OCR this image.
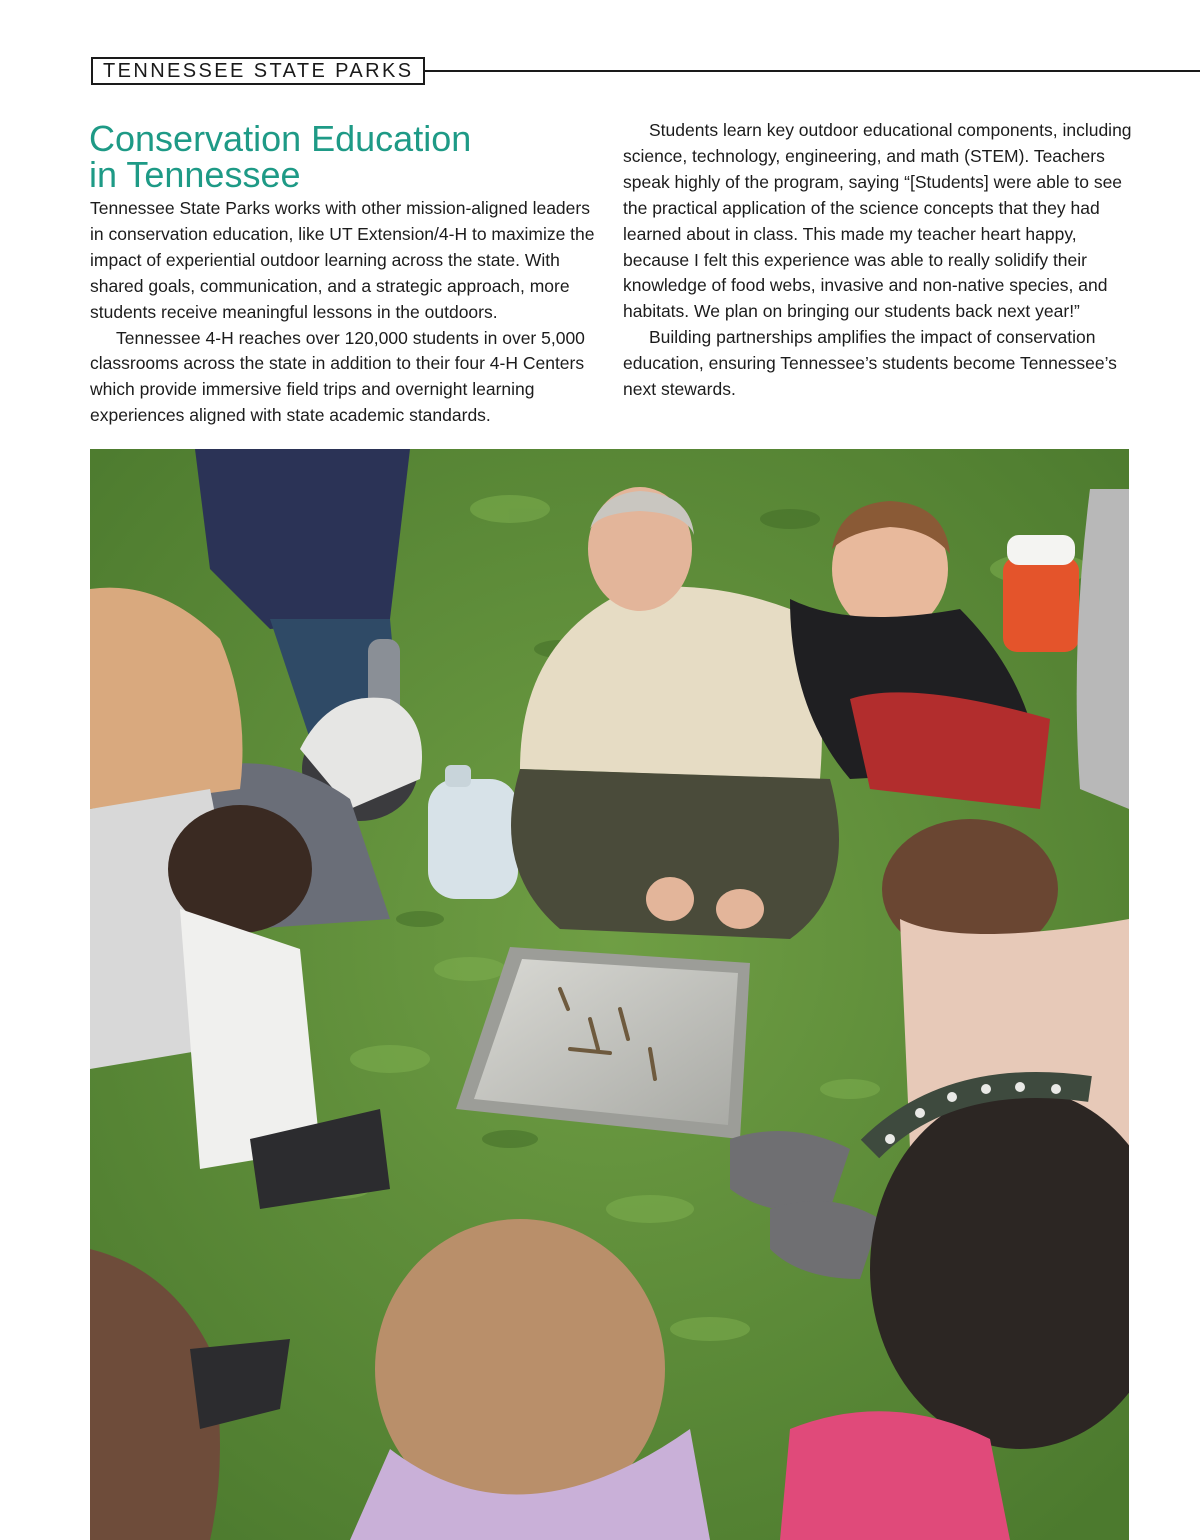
TENNESSEE STATE PARKS
Conservation Education
in Tennessee

Tennessee State Parks works with other mission-aligned leaders in conservation education, like UT Extension/4-H to maximize the impact of experiential outdoor learning across the state. With shared goals, communication, and a strategic approach, more students receive meaningful lessons in the outdoors.

Tennessee 4-H reaches over 120,000 students in over 5,000 classrooms across the state in addition to their four 4-H Centers which provide immersive field trips and overnight learning experiences aligned with state academic standards.

Students learn key outdoor educational components, including science, technology, engineering, and math (STEM). Teachers speak highly of the program, saying “[Students] were able to see the practical application of the science concepts that they had learned about in class. This made my teacher heart happy, because I felt this experience was able to really solidify their knowledge of food webs, invasive and non-native species, and habitats. We plan on bringing our students back next year!”

Building partnerships amplifies the impact of conservation education, ensuring Tennessee’s students become Tennessee’s next stewards.
